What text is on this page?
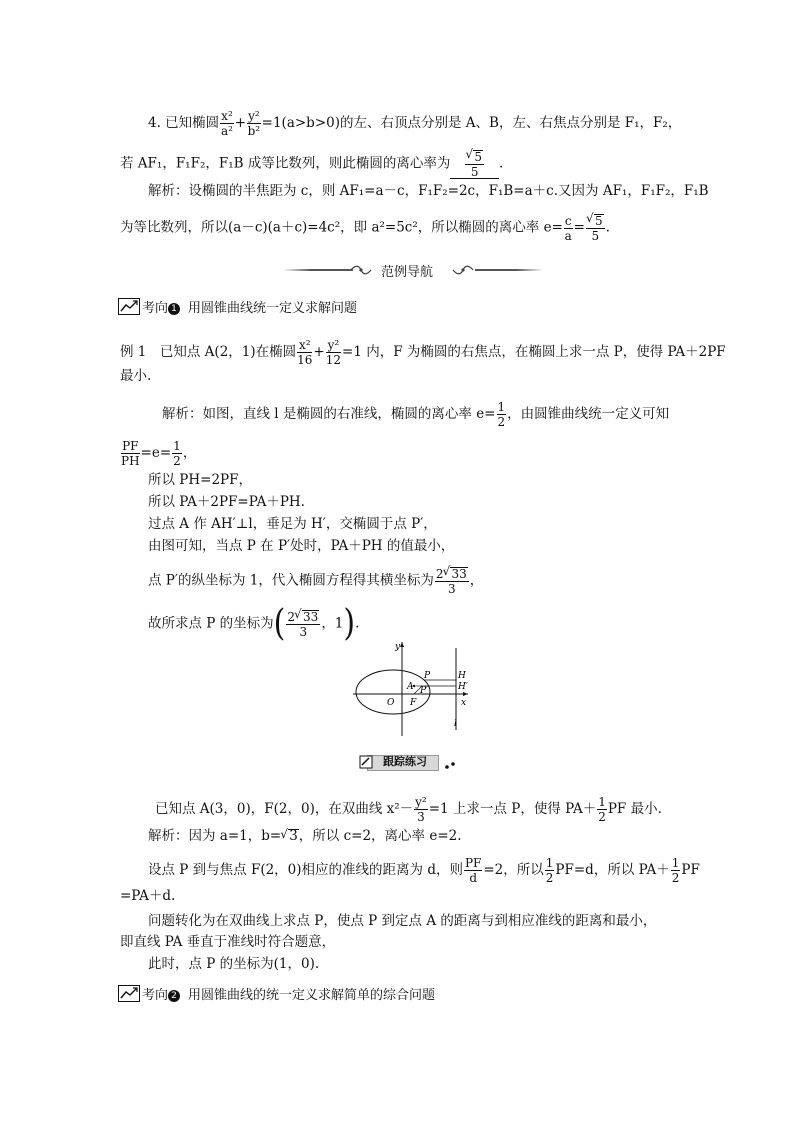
4. 已知椭圆 $\frac{\text{x²}}{\text{a²}} + \frac{\text{y²}}{\text{b²}} =1(a>b>0)$的左、右顶点分别是 A、B，左、右焦点分别是 F₁，F₂，
若 AF₁，F₁F₂，F₁B 成等比数列，则此椭圆的离心率为 √ $\frac{5}{5}$ .
解析：设椭圆的半焦距为 c，则 AF₁=a－c，F₁F₂=2c，F₁B=a＋c.又因为 AF₁，F₁F₂，F₁B
为等比数列，所以(a－c)(a＋c)=4c²，即 a²=5c²，所以椭圆的离心率 $e= \frac{c}{a}$ = √ $\frac{5}{5}$ .
范例导航
考向 1 用圆锥曲线统一定义求解问题
例 1　已知点 A(2，1)在椭圆 $\frac{\text{x²}}{16} + \frac{\text{y²}}{12} =1$ 内，F 为椭圆的右焦点，在椭圆上求一点 P，使得 PA＋2PF
最小.
解析：如图，直线 l 是椭圆的右准线，椭圆的离心率 $e= \frac{1}{2}$ ，由圆锥曲线统一定义可知
$\frac{PF}{PH} =e= \frac{1}{2}$ ，
所以 PH=2PF，
所以 PA＋2PF=PA＋PH.
过点 A 作 AH′⊥l，垂足为 H′，交椭圆于点 P′，
由图可知，当点 P 在 P′处时，PA＋PH 的值最小，
点 P′的纵坐标为 1，代入椭圆方程得其横坐标为 $\frac{2 √ 33}{3}$ ，
故所求点 P 的坐标为( $\frac{2 √ 33}{3}$ ，1).
y
x
O F
A
P
P′
H
H′
l
跟踪练习
已知点 A(3，0)，F(2，0)，在双曲线 $x^2- \frac{\text{y²}}{3} =1$ 上求一点 P，使得 $PA+ \frac{1}{2}$ PF 最小.
解析：因为 a=1，b= √ 3，所以 c=2，离心率 e=2.
设点 P 到与焦点 F(2，0)相应的准线的距离为 d，则 $\frac{PF}{d} =2$，所以 $\frac{1}{2} PF=d$，所以 $PA+ \frac{1}{2}$ PF
=PA＋d.
问题转化为在双曲线上求点 P，使点 P 到定点 A 的距离与到相应准线的距离和最小，
即直线 PA 垂直于准线时符合题意，
此时，点 P 的坐标为(1，0).
考向 2 用圆锥曲线的统一定义求解简单的综合问题
